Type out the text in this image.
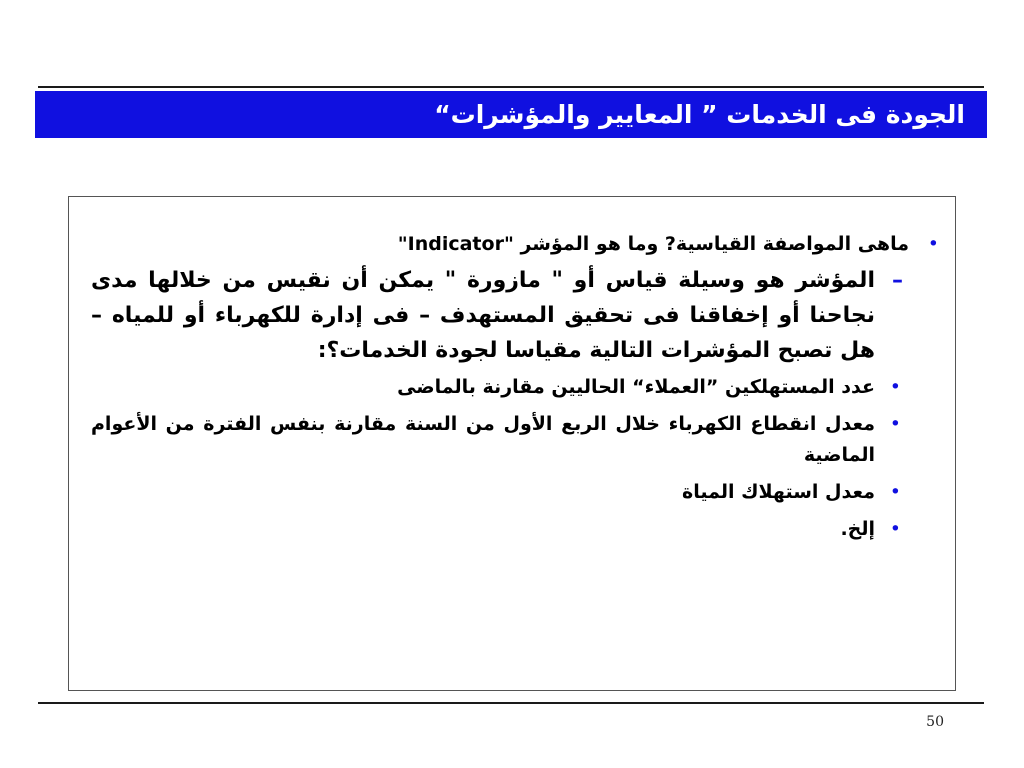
الجودة فى الخدمات ” المعايير والمؤشرات“
•
ماهى المواصفة القياسية? وما هو المؤشر "Indicator"
–
المؤشر هو وسيلة قياس أو " مازورة " يمكن أن نقيس من خلالها مدى نجاحنا أو إخفاقنا فى تحقيق المستهدف – فى إدارة للكهرباء أو للمياه – هل تصبح المؤشرات التالية مقياسا لجودة الخدمات؟:
•
عدد المستهلكين ”العملاء“ الحاليين مقارنة بالماضى
•
معدل انقطاع الكهرباء خلال الربع الأول من السنة مقارنة بنفس الفترة من الأعوام الماضية
•
معدل استهلاك المياة
•
إلخ.
50
